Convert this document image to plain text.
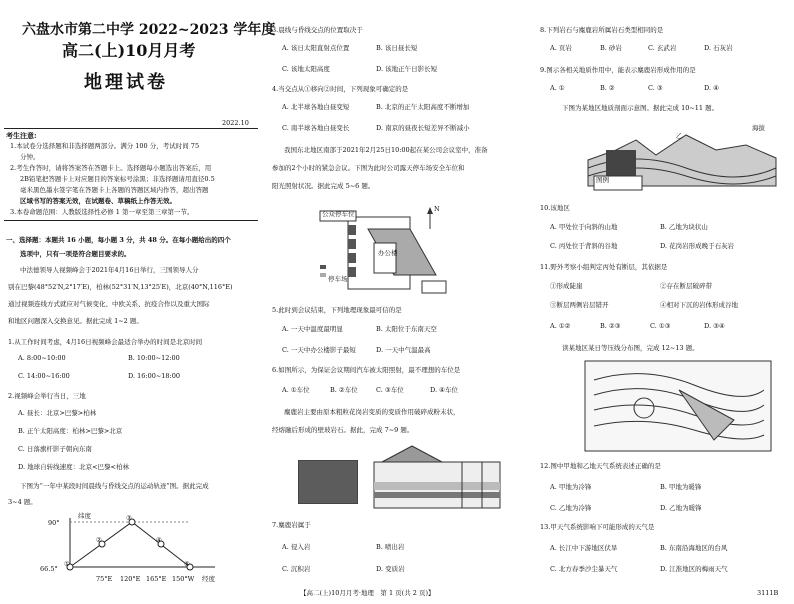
六盘水市第二中学 2022~2023 学年度
高二(上)10月月考
地理试卷
2022.10
考生注意:
1.本试卷分选择题和非选择题两部分。满分 100 分，考试时间 75
分钟。
2.考生作答时，请将答案答在答题卡上。选择题每小题选出答案后，用
2B铅笔把答题卡上对应题目的答案标号涂黑；非选择题请用直径0.5
毫米黑色墨水签字笔在答题卡上各题的答题区域内作答，超出答题
区域书写的答案无效，在试题卷、草稿纸上作答无效。
3.本卷命题范围：人教版选择性必修 1 第一章至第三章第一节。
一、选择题：本题共 16 小题，每小题 3 分，共 48 分。在每小题给出的四个
选项中，只有一项是符合题目要求的。
中法德领导人视频峰会于2021年4月16日举行，三国领导人分
别在巴黎(48°52′N,2°17′E)，柏林(52°31′N,13°25′E)，北京(40°N,116°E)
通过视频连线方式就应对气候变化、中欧关系、抗疫合作以及重大国际
和地区问题深入交换意见。据此完成 1~2 题。
1.从工作时间考虑，4月16日视频峰会最适合举办的时间是北京时间
A. 8:00~10:00	B. 10:00~12:00
C. 14:00~16:00	D. 16:00~18:00
2.视频峰会举行当日，三地
A. 昼长：北京>巴黎>柏林
B. 正午太阳高度：柏林>巴黎>北京
C. 日落旗杆影子朝向东南
D. 地球自转线速度：北京<巴黎<柏林
下图为“一年中某段时间晨线与昏线交点的运动轨迹”图。据此完成
3~4 题。
纬度
90°
66.5°
75°E 120°E 165°E 150°W 经度
①
②
③
④
⑤
3.晨线与昏线交点的位置取决于
A. 该日太阳直射点位置	B. 该日昼长短
C. 该地太阳高度	D. 该地正午日影长短
4.当交点从①移向②时间，下列现象可确定的是
A. 北半球各地白昼变短	B. 北京的正午太阳高度不断增加
C. 南半球各地白昼变长	D. 南京的昼夜长短差异不断减小
我国东北地区南部于2021年2月25日10:00起在某公司会议室中，准备
参加的2个小时的紧急会议。下图为此时公司露天停车场安全车位和
阳光照射状况。据此完成 5~6 题。
公众停车位
停车场
办公楼
N
5.此时到会议结束，下列地理现象最可信的是
A. 一天中温度最明显	B. 太阳位于东南天空
C. 一天中办公楼影子最短	D. 一天中气温最高
6.如图所示，为保证会议期间汽车被太阳照射，最不理想的车位是
A. ①车位	B. ②车位	C. ③车位	D. ④车位
麋鹿岩主要由原本粗粒花岗岩变质的变质作用破碎成粉末状，
经熔融后形成的壁玻岩石。据此，完成 7~9 题。
7.麋鹿岩属于
A. 侵入岩	B. 喷出岩
C. 沉积岩	D. 变质岩
8.下列岩石与麋鹿岩所属岩石类型相同的是
A. 页岩	B. 砂岩	C. 玄武岩	D. 石灰岩
9.图示各相关地质作用中，能表示麋鹿岩形成作用的是
A. ①	B. ②	C. ③	D. ④
下图为某地区地质剖面示意图。据此完成 10~11 题。
图例
乙
海拔
10.该地区
A. 甲处位于向斜的山地	B. 乙地为块状山
C. 丙处位于背斜的谷地	D. 花岗岩形成晚于石灰岩
11.野外考察小组判定丙处有断层，其依据是
①形成陡崖	②存在断层破碎带
③断层两侧岩层错开	④相对下沉的岩体形成谷地
A. ①②	B. ②③	C. ①③	D. ③④
读某地区某日等压线分布图，完成 12~13 题。
12.图中甲地和乙地天气系统表述正确的是
A. 甲地为冷锋	B. 甲地为暖锋
C. 乙地为冷锋	D. 乙地为暖锋
13.甲天气系统影响下可能形成的天气是
A. 长江中下游地区伏旱	B. 东南沿海地区的台风
C. 北方春季沙尘暴天气	D. 江淮地区的梅雨天气
【高二(上)10月月考·地理　第 1 页(共 2 页)】	3111B
